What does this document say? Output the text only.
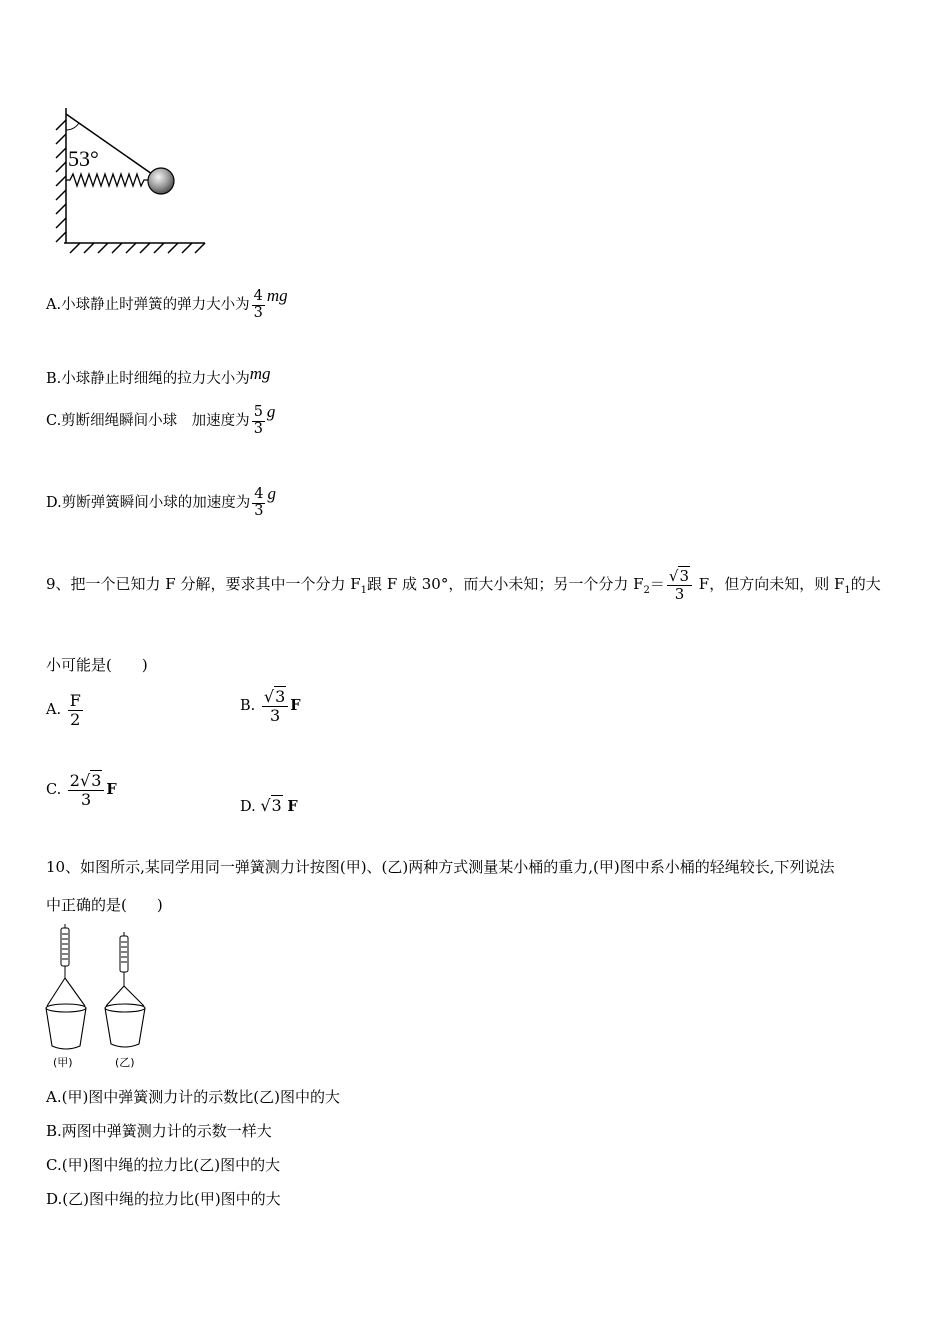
53°
A.小球静止时弹簧的弹力大小为 $\frac{4}{3}$ mg
B.小球静止时细绳的拉力大小为mg
C.剪断细绳瞬间小球　加速度为 $\frac{5}{3}$ g
D.剪断弹簧瞬间小球的加速度为 $\frac{4}{3}$ g
9、把一个已知力 F 分解，要求其中一个分力 $F_1$跟 F 成 30°，而大小未知；另一个分力 $F_2= \frac{√3}{3}$ F，但方向未知，则 $F_1$的大
小可能是(　　)
A. $\frac{F}{2}$	B. $\frac{√3}{3}$ F
C. $\frac{2√3}{3}$ F
D. √3 F
10、如图所示,某同学用同一弹簧测力计按图(甲)、(乙)两种方式测量某小桶的重力,(甲)图中系小桶的轻绳较长,下列说法
中正确的是(　　)
(甲)	(乙)
A.(甲)图中弹簧测力计的示数比(乙)图中的大
B.两图中弹簧测力计的示数一样大
C.(甲)图中绳的拉力比(乙)图中的大
D.(乙)图中绳的拉力比(甲)图中的大
